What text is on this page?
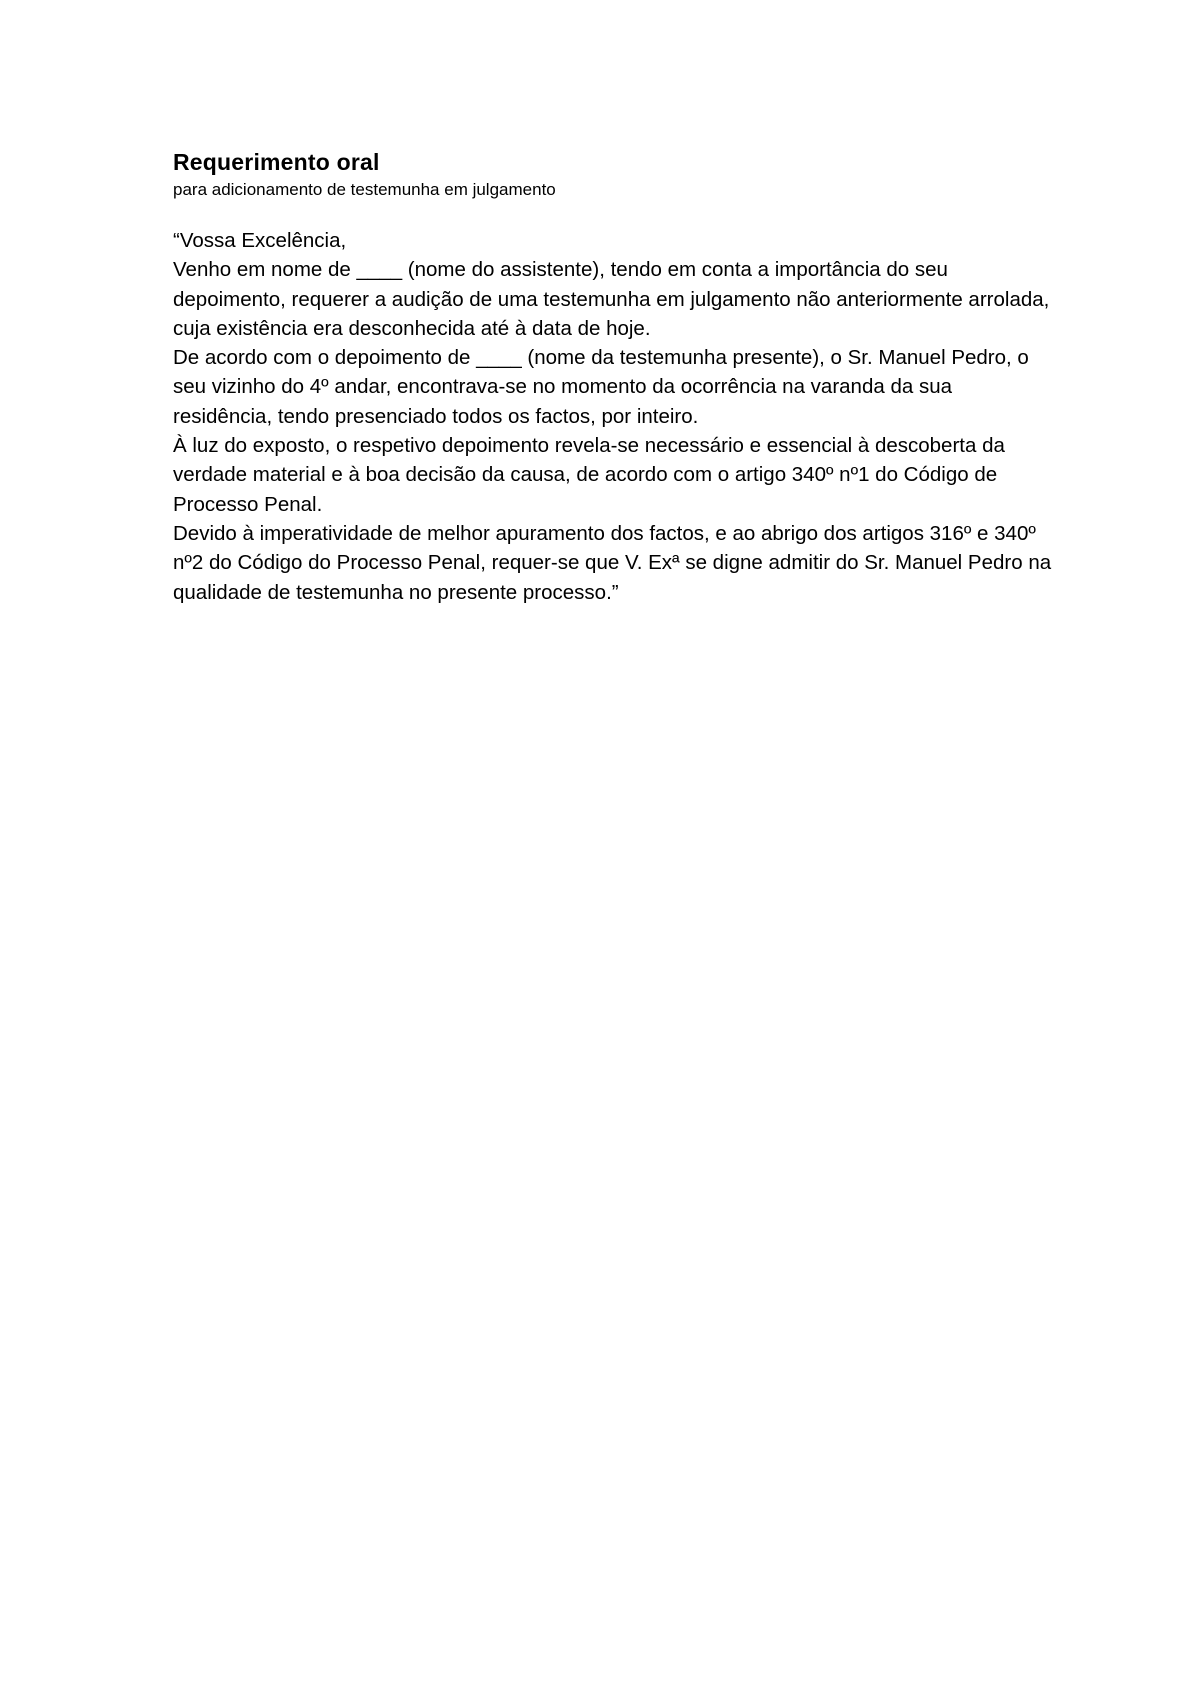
Requerimento oral
para adicionamento de testemunha em julgamento

“Vossa Excelência,

Venho em nome de ____ (nome do assistente), tendo em conta a importância do seu depoimento, requerer a audição de uma testemunha em julgamento não anteriormente arrolada, cuja existência era desconhecida até à data de hoje.

De acordo com o depoimento de ____ (nome da testemunha presente), o Sr. Manuel Pedro, o seu vizinho do 4º andar, encontrava-se no momento da ocorrência na varanda da sua residência, tendo presenciado todos os factos, por inteiro.

À luz do exposto, o respetivo depoimento revela-se necessário e essencial à descoberta da verdade material e à boa decisão da causa, de acordo com o artigo 340º nº1 do Código de Processo Penal.

Devido à imperatividade de melhor apuramento dos factos, e ao abrigo dos artigos 316º e 340º nº2 do Código do Processo Penal, requer-se que V. Exª se digne admitir do Sr. Manuel Pedro na qualidade de testemunha no presente processo.”
